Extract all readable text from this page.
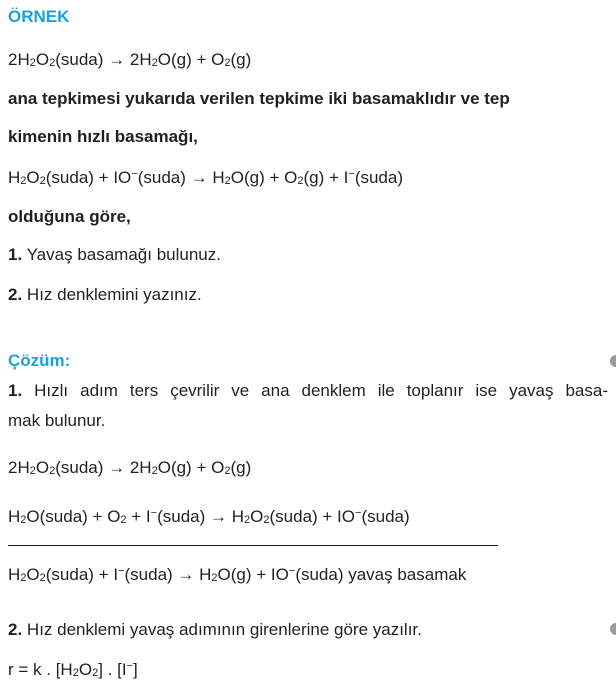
ÖRNEK
$2H_2O_2(suda) \to 2H_2O(g) + O_2(g)$
ana tepkimesi yukarıda verilen tepkime iki basamaklıdır ve tep
kimenin hızlı basamağı,
$H_2O_2(suda)$ + IO−(suda) → $H_2O(g) + O_2(g)$ + I−(suda)
olduğuna göre,
1. Yavaş basamağı bulunuz.
2. Hız denklemini yazınız.
Çözüm:
1. Hızlı adım ters çevrilir ve ana denklem ile toplanır ise yavaş basa-
mak bulunur.
$2H_2O_2(suda) \to 2H_2O(g) + O_2(g)$
$H_2O(suda) + O_2$ + I−(suda) → $H_2O_2(suda)$ + IO−(suda)
$H_2O_2(suda)$ + I−(suda) → $H_2O(g)$ + IO−(suda) yavaş basamak
2. Hız denklemi yavaş adımının girenlerine göre yazılır.
r = k . $[H_2O_2]$ . [I−]
